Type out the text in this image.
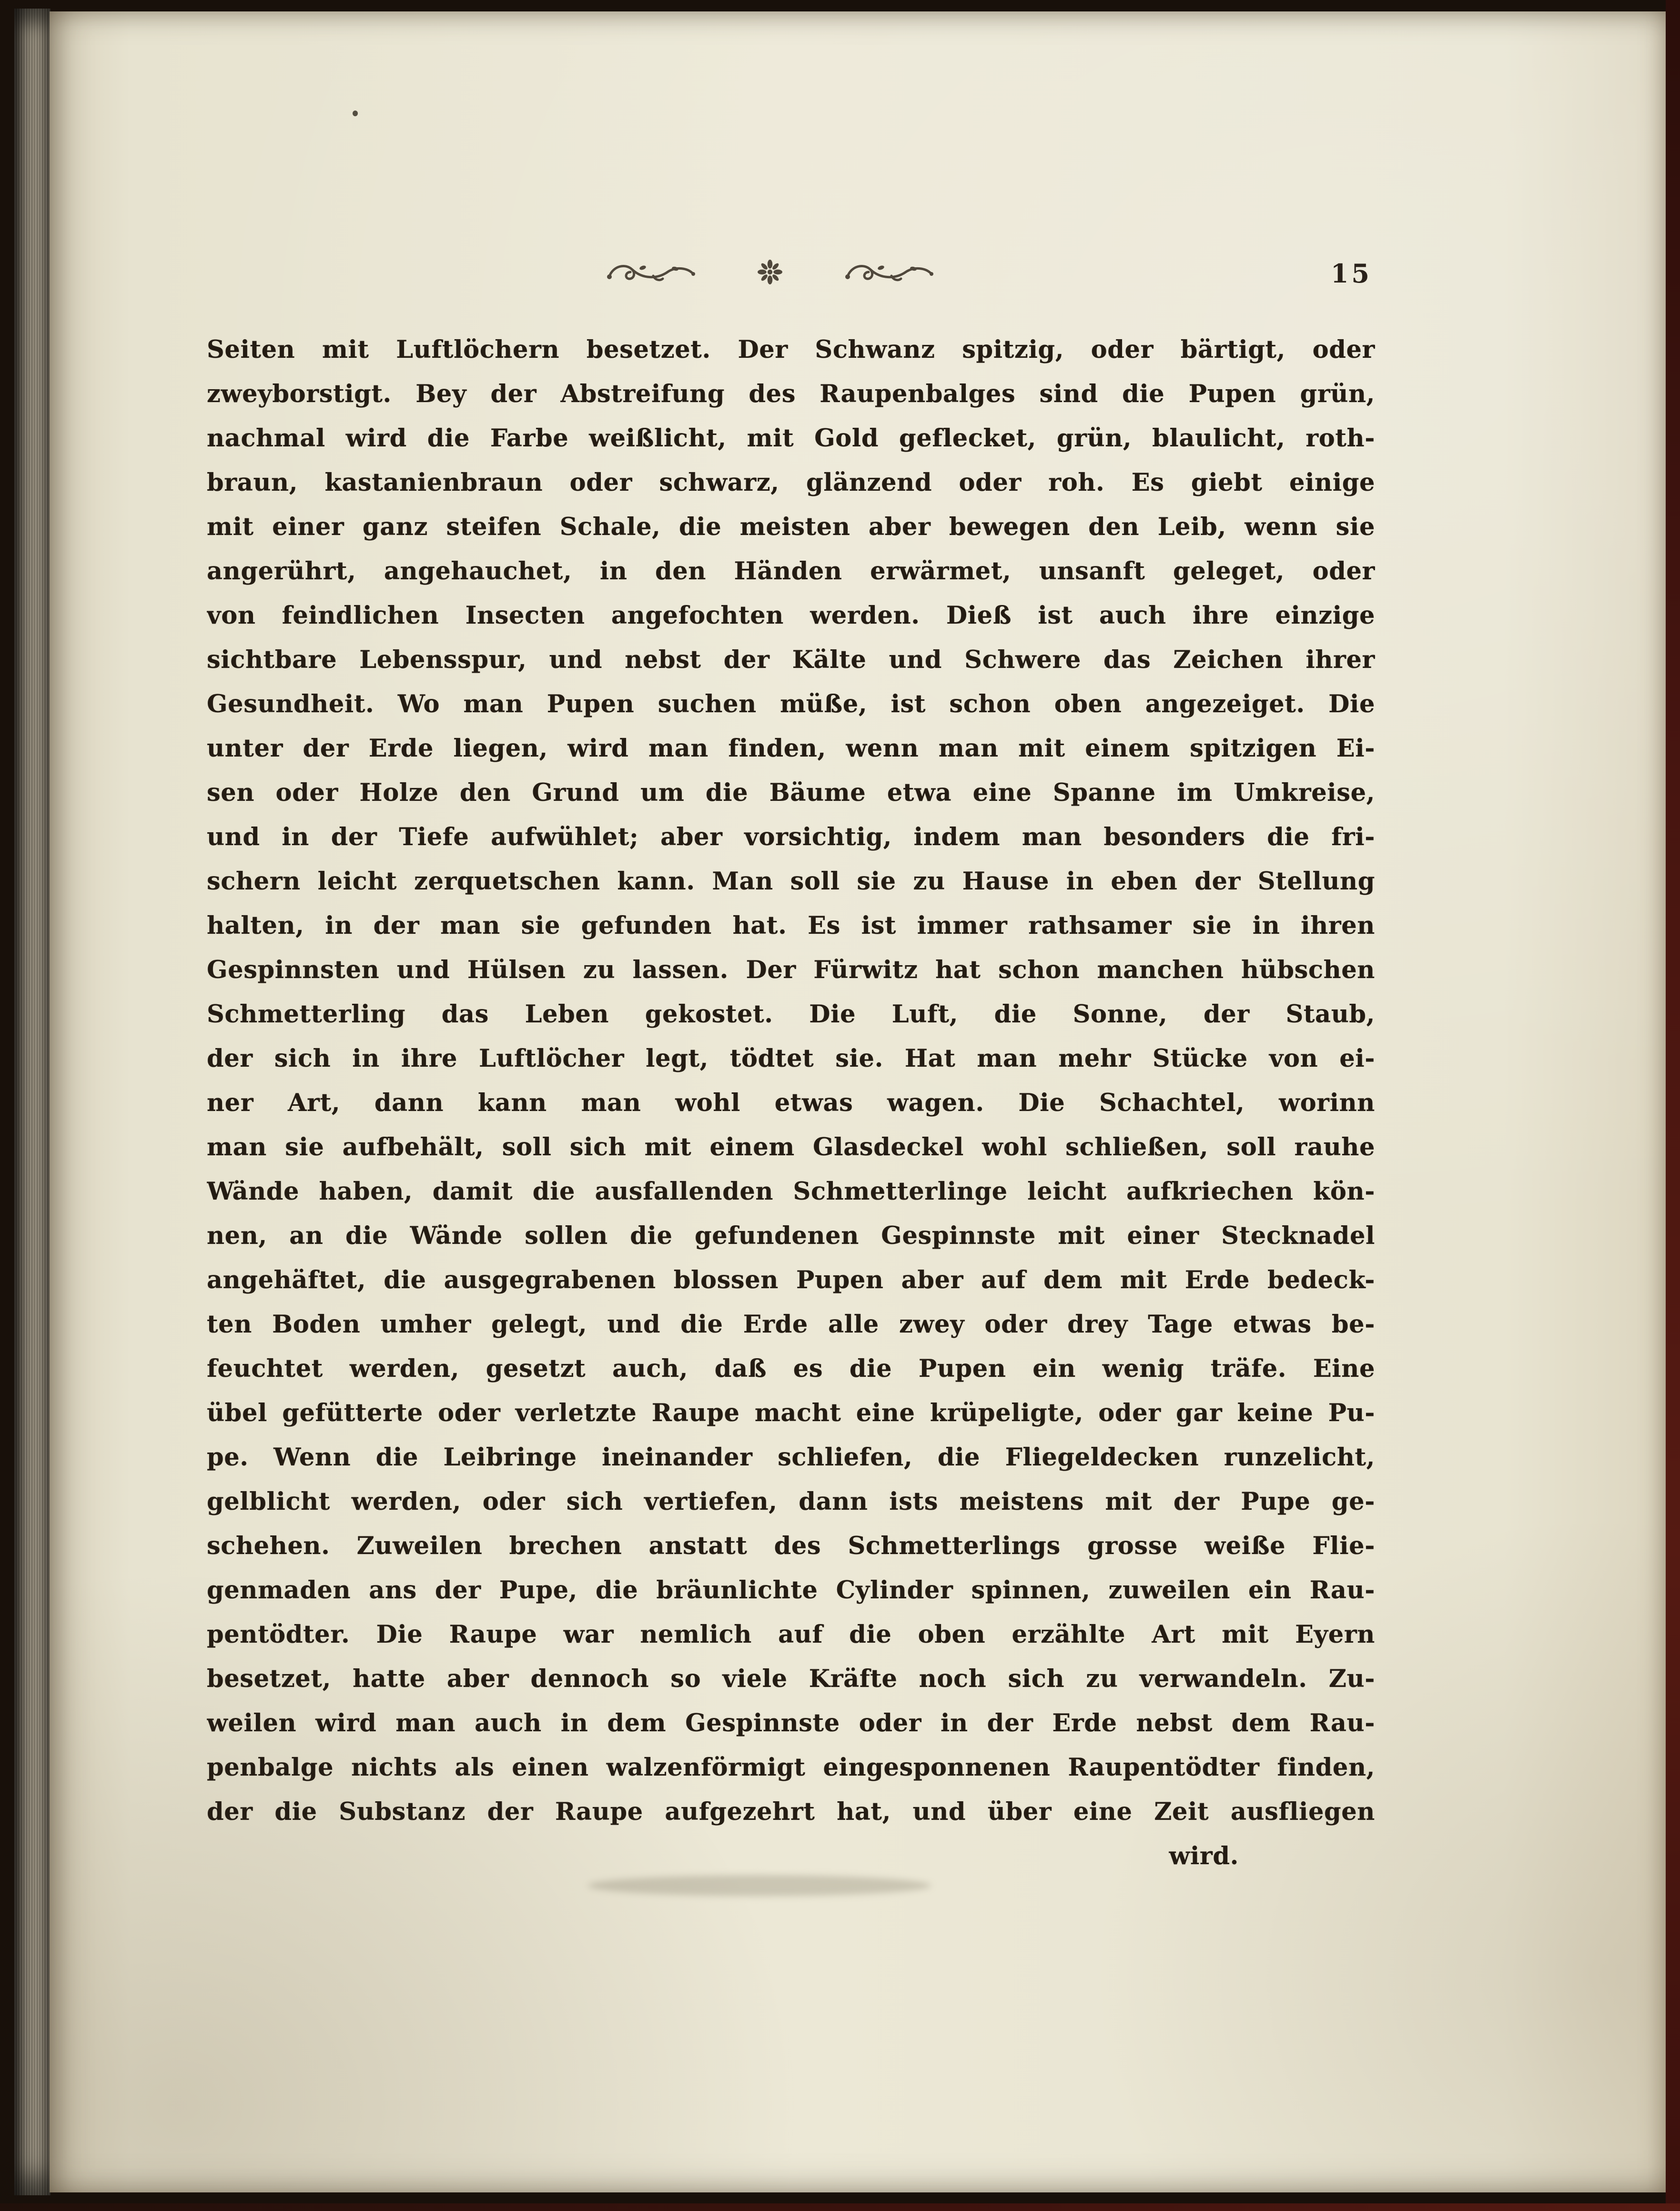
15
Seiten mit Luftlöchern besetzet. Der Schwanz spitzig, oder bärtigt, oder
zweyborstigt. Bey der Abstreifung des Raupenbalges sind die Pupen grün,
nachmal wird die Farbe weißlicht, mit Gold geflecket, grün, blaulicht, roth-
braun, kastanienbraun oder schwarz, glänzend oder roh. Es giebt einige
mit einer ganz steifen Schale, die meisten aber bewegen den Leib, wenn sie
angerührt, angehauchet, in den Händen erwärmet, unsanft geleget, oder
von feindlichen Insecten angefochten werden. Dieß ist auch ihre einzige
sichtbare Lebensspur, und nebst der Kälte und Schwere das Zeichen ihrer
Gesundheit. Wo man Pupen suchen müße, ist schon oben angezeiget. Die
unter der Erde liegen, wird man finden, wenn man mit einem spitzigen Ei-
sen oder Holze den Grund um die Bäume etwa eine Spanne im Umkreise,
und in der Tiefe aufwühlet; aber vorsichtig, indem man besonders die fri-
schern leicht zerquetschen kann. Man soll sie zu Hause in eben der Stellung
halten, in der man sie gefunden hat. Es ist immer rathsamer sie in ihren
Gespinnsten und Hülsen zu lassen. Der Fürwitz hat schon manchen hübschen
Schmetterling das Leben gekostet. Die Luft, die Sonne, der Staub,
der sich in ihre Luftlöcher legt, tödtet sie. Hat man mehr Stücke von ei-
ner Art, dann kann man wohl etwas wagen. Die Schachtel, worinn
man sie aufbehält, soll sich mit einem Glasdeckel wohl schließen, soll rauhe
Wände haben, damit die ausfallenden Schmetterlinge leicht aufkriechen kön-
nen, an die Wände sollen die gefundenen Gespinnste mit einer Stecknadel
angehäftet, die ausgegrabenen blossen Pupen aber auf dem mit Erde bedeck-
ten Boden umher gelegt, und die Erde alle zwey oder drey Tage etwas be-
feuchtet werden, gesetzt auch, daß es die Pupen ein wenig träfe. Eine
übel gefütterte oder verletzte Raupe macht eine krüpeligte, oder gar keine Pu-
pe. Wenn die Leibringe ineinander schliefen, die Fliegeldecken runzelicht,
gelblicht werden, oder sich vertiefen, dann ists meistens mit der Pupe ge-
schehen. Zuweilen brechen anstatt des Schmetterlings grosse weiße Flie-
genmaden ans der Pupe, die bräunlichte Cylinder spinnen, zuweilen ein Rau-
pentödter. Die Raupe war nemlich auf die oben erzählte Art mit Eyern
besetzet, hatte aber dennoch so viele Kräfte noch sich zu verwandeln. Zu-
weilen wird man auch in dem Gespinnste oder in der Erde nebst dem Rau-
penbalge nichts als einen walzenförmigt eingesponnenen Raupentödter finden,
der die Substanz der Raupe aufgezehrt hat, und über eine Zeit ausfliegen
wird.
